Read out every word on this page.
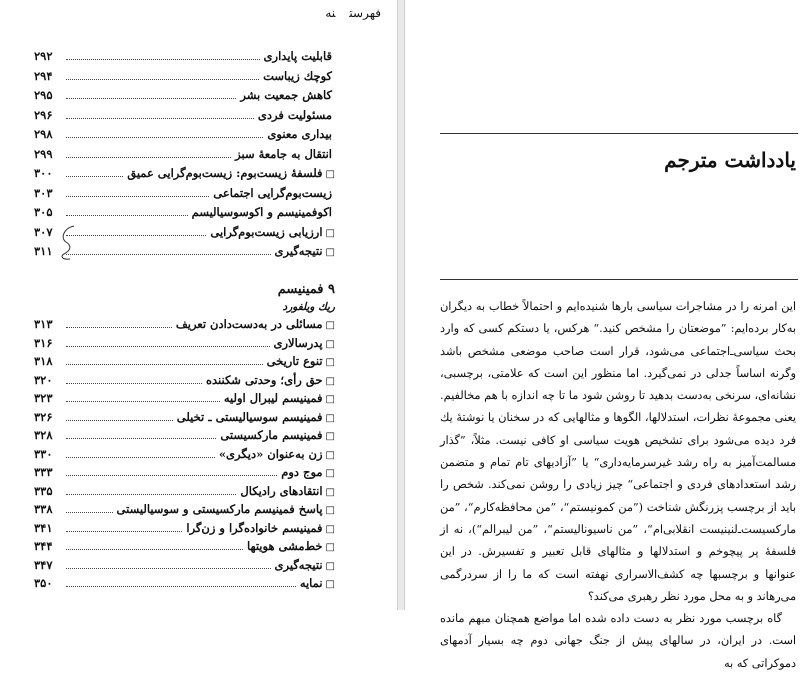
فهرستنه
قابلیت پایداری
۲۹۲
کوچك زیباست
۲۹۴
کاهش جمعیت بشر
۲۹۵
مسئولیت فردی
۲۹۶
بیداری معنوی
۲۹۸
انتقال به جامعهٔ سبز
۲۹۹
□
فلسفهٔ زیست‌بوم: زیست‌بوم‌گرایی عمیق
۳۰۰
زیست‌بوم‌گرایی اجتماعی
۳۰۳
اکوفمینیسم و اکوسوسیالیسم
۳۰۵
□
ارزیابی زیست‌بوم‌گرایی
۳۰۷
□
نتیجه‌گیری
۳۱۱
۹ فمینیسم
ریك ویلفورد
□
مسائلی در به‌دست‌دادن تعریف
۳۱۳
□
پدرسالاری
۳۱۶
□
تنوع تاریخی
۳۱۸
□
حق رأی؛ وحدتی شکننده
۳۲۰
□
فمینیسم لیبرال اولیه
۳۲۳
□
فمینیسم سوسیالیستی ـ تخیلی
۳۲۶
□
فمینیسم مارکسیستی
۳۲۸
□
زن به‌عنوان «دیگری»
۳۳۰
□
موج دوم
۳۳۳
□
انتقادهای رادیکال
۳۳۵
□
پاسخ فمینیسم مارکسیستی و سوسیالیستی
۳۳۸
□
فمینیسم خانواده‌گرا و زن‌گرا
۳۴۱
□
خط‌مشی هویتها
۳۴۴
□
نتیجه‌گیری
۳۴۷
□
نمایه
۳۵۰
یادداشت مترجم

این امر‌نه را در مشاجرات سیاسی بارها شنیده‌ایم و احتمالاً خطاب به دیگران به‌کار برده‌ایم: ”موضعتان را مشخص کنید.“ هرکس، یا دستکم کسی که وارد بحث سیاسی‌ـ‌اجتماعی می‌شود، قرار است صاحب موضعی مشخص باشد وگرنه اساساً جدلی در نمی‌گیرد. اما منظور این است که علامتی، برچسبی، نشانه‌ای، سرنخی به‌دست بدهید تا روشن شود ما تا چه اندازه با هم مخالفیم. یعنی مجموعهٔ نظرات، استدلالها، الگوها و مثالهایی که در سخنان یا نوشتهٔ یك فرد دیده می‌شود برای تشخیص هویت سیاسی او کافی نیست. مثلاً، ”گذار مسالمت‌آمیز به راه رشد غیرسرمایه‌داری“ یا ”آزادیهای تام تمام و متضمن رشد استعدادهای فردی و اجتماعی“ چیز زیادی را روشن نمی‌کند. شخص را باید از برچسب پزرنگش شناخت (”من کمونیستم“، ”من محافظه‌کارم“، ”من مارکسیست‌ـ‌لنینیست انقلابی‌ام“، ”من ناسیونالیستم“، ”من لیبرالم“)، نه از فلسفهٔ پر پیچوخم و استدلالها و مثالهای قابل تعبیر و تفسیرش. در این عنوانها و برچسبها چه کشف‌الاسراری نهفته است که ما را از سردرگمی می‌رهاند و به محل مورد نظر رهبری می‌کند؟

گاه برچسب مورد نظر به دست داده شده اما مواضع همچنان مبهم مانده است. در ایران، در سالهای پیش از جنگ جهانی دوم چه بسیار آدمهای دموکراتی که به
